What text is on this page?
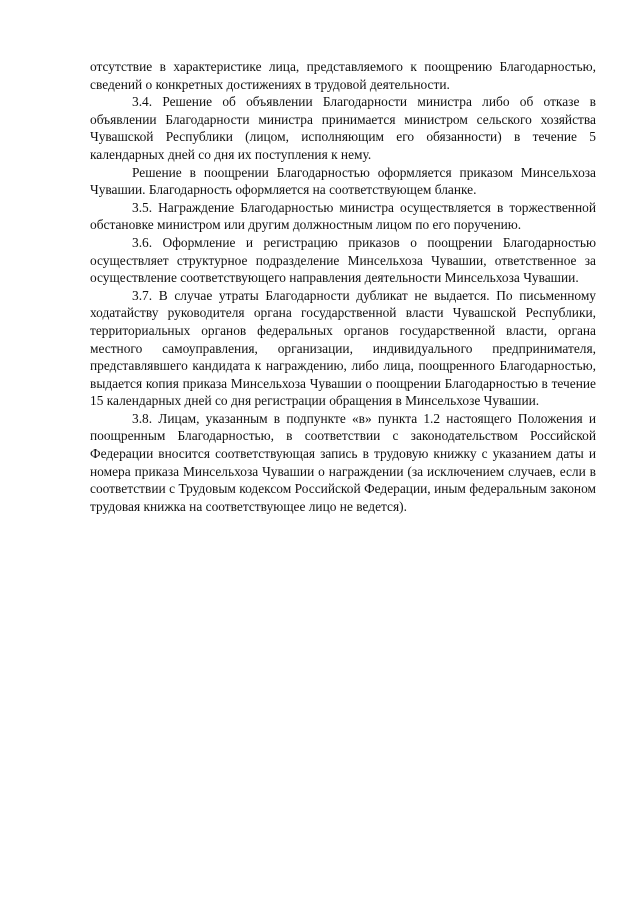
отсутствие в характеристике лица, представляемого к поощрению Благодарностью, сведений о конкретных достижениях в трудовой деятельности.

3.4. Решение об объявлении Благодарности министра либо об отказе в объявлении Благодарности министра принимается министром сельского хозяйства Чувашской Республики (лицом, исполняющим его обязанности) в течение 5 календарных дней со дня их поступления к нему.

Решение в поощрении Благодарностью оформляется приказом Минсельхоза Чувашии. Благодарность оформляется на соответствующем бланке.

3.5. Награждение Благодарностью министра осуществляется в торжественной обстановке министром или другим должностным лицом по его поручению.

3.6. Оформление и регистрацию приказов о поощрении Благодарностью осуществляет структурное подразделение Минсельхоза Чувашии, ответственное за осуществление соответствующего направления деятельности Минсельхоза Чувашии.

3.7. В случае утраты Благодарности дубликат не выдается. По письменному ходатайству руководителя органа государственной власти Чувашской Республики, территориальных органов федеральных органов государственной власти, органа местного самоуправления, организации, индивидуального предпринимателя, представлявшего кандидата к награждению, либо лица, поощренного Благодарностью, выдается копия приказа Минсельхоза Чувашии о поощрении Благодарностью в течение 15 календарных дней со дня регистрации обращения в Минсельхозе Чувашии.

3.8. Лицам, указанным в подпункте «в» пункта 1.2 настоящего Положения и поощренным Благодарностью, в соответствии с законодательством Российской Федерации вносится соответствующая запись в трудовую книжку с указанием даты и номера приказа Минсельхоза Чувашии о награждении (за исключением случаев, если в соответствии с Трудовым кодексом Российской Федерации, иным федеральным законом трудовая книжка на соответствующее лицо не ведется).
